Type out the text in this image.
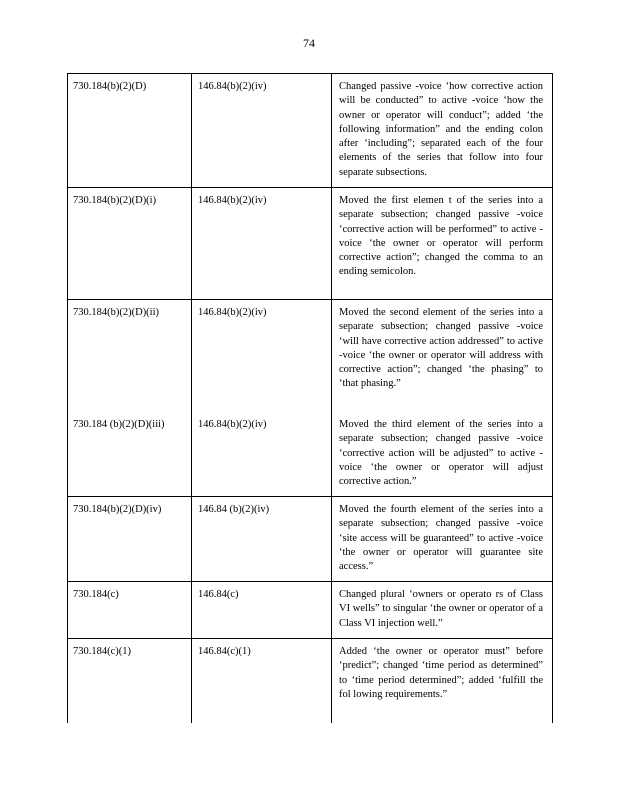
74
730.184(b)(2)(D)	146.84(b)(2)(iv)	Changed passive -voice ‘how corrective action will be conducted” to active -voice ‘how the owner or operator will conduct”; added ‘the following information” and the ending colon after ‘including”; separated each of the four elements of the series that follow into four separate subsections.
730.184(b)(2)(D)(i)	146.84(b)(2)(iv)	Moved the first elemen t of the series into a separate subsection; changed passive -voice ‘corrective action will be performed” to active -voice ‘the owner or operator will perform corrective action”; changed the comma to an ending semicolon.
730.184(b)(2)(D)(ii)	146.84(b)(2)(iv)	Moved the second element of the series into a separate subsection; changed passive -voice ‘will have corrective action addressed” to active -voice ‘the owner or operator will address with corrective action”; changed ‘the phasing” to ‘that phasing.”
730.184 (b)(2)(D)(iii)	146.84(b)(2)(iv)	Moved the third element of the series into a separate subsection; changed passive -voice ‘corrective action will be adjusted” to active -voice ‘the owner or operator will adjust corrective action.”
730.184(b)(2)(D)(iv)	146.84 (b)(2)(iv)	Moved the fourth element of the series into a separate subsection; changed passive -voice ‘site access will be guaranteed” to active -voice ‘the owner or operator will guarantee site access.”
730.184(c)	146.84(c)	Changed plural ‘owners or operato rs of Class VI wells” to singular ‘the owner or operator of a Class VI injection well.”
730.184(c)(1)	146.84(c)(1)	Added ‘the owner or operator must” before ‘predict”; changed ‘time period as determined” to ‘time period determined”; added ‘fulfill the fol lowing requirements.”
